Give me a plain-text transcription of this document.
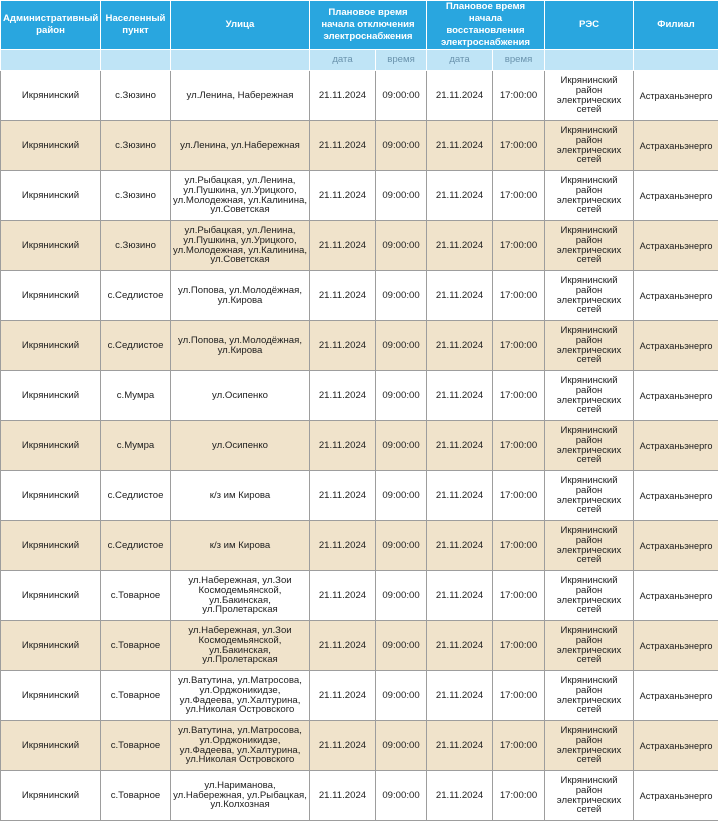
Административный район	Населенный пункт	Улица	Плановое время начала отключения электроснабжения		Плановое время начала восстановления электроснабжения		РЭС	Филиал
			дата	время	дата	время		
Икрянинский	с.Зюзино	ул.Ленина, Набережная	21.11.2024	09:00:00	21.11.2024	17:00:00	Икрянинский район электрических сетей	Астраханьэнерго
Икрянинский	с.Зюзино	ул.Ленина, ул.Набережная	21.11.2024	09:00:00	21.11.2024	17:00:00	Икрянинский район электрических сетей	Астраханьэнерго
Икрянинский	с.Зюзино	ул.Рыбацкая, ул.Ленина, ул.Пушкина, ул.Урицкого, ул.Молодежная, ул.Калинина, ул.Советская	21.11.2024	09:00:00	21.11.2024	17:00:00	Икрянинский район электрических сетей	Астраханьэнерго
Икрянинский	с.Зюзино	ул.Рыбацкая, ул.Ленина, ул.Пушкина, ул.Урицкого, ул.Молодежная, ул.Калинина, ул.Советская	21.11.2024	09:00:00	21.11.2024	17:00:00	Икрянинский район электрических сетей	Астраханьэнерго
Икрянинский	с.Седлистое	ул.Попова, ул.Молодёжная, ул.Кирова	21.11.2024	09:00:00	21.11.2024	17:00:00	Икрянинский район электрических сетей	Астраханьэнерго
Икрянинский	с.Седлистое	ул.Попова, ул.Молодёжная, ул.Кирова	21.11.2024	09:00:00	21.11.2024	17:00:00	Икрянинский район электрических сетей	Астраханьэнерго
Икрянинский	с.Мумра	ул.Осипенко	21.11.2024	09:00:00	21.11.2024	17:00:00	Икрянинский район электрических сетей	Астраханьэнерго
Икрянинский	с.Мумра	ул.Осипенко	21.11.2024	09:00:00	21.11.2024	17:00:00	Икрянинский район электрических сетей	Астраханьэнерго
Икрянинский	с.Седлистое	к/з им Кирова	21.11.2024	09:00:00	21.11.2024	17:00:00	Икрянинский район электрических сетей	Астраханьэнерго
Икрянинский	с.Седлистое	к/з им Кирова	21.11.2024	09:00:00	21.11.2024	17:00:00	Икрянинский район электрических сетей	Астраханьэнерго
Икрянинский	с.Товарное	ул.Набережная, ул.Зои Космодемьянской, ул.Бакинская, ул.Пролетарская	21.11.2024	09:00:00	21.11.2024	17:00:00	Икрянинский район электрических сетей	Астраханьэнерго
Икрянинский	с.Товарное	ул.Набережная, ул.Зои Космодемьянской, ул.Бакинская, ул.Пролетарская	21.11.2024	09:00:00	21.11.2024	17:00:00	Икрянинский район электрических сетей	Астраханьэнерго
Икрянинский	с.Товарное	ул.Ватутина, ул.Матросова, ул.Орджоникидзе, ул.Фадеева, ул.Халтурина, ул.Николая Островского	21.11.2024	09:00:00	21.11.2024	17:00:00	Икрянинский район электрических сетей	Астраханьэнерго
Икрянинский	с.Товарное	ул.Ватутина, ул.Матросова, ул.Орджоникидзе, ул.Фадеева, ул.Халтурина, ул.Николая Островского	21.11.2024	09:00:00	21.11.2024	17:00:00	Икрянинский район электрических сетей	Астраханьэнерго
Икрянинский	с.Товарное	ул.Нариманова, ул.Набережная, ул.Рыбацкая, ул.Колхозная	21.11.2024	09:00:00	21.11.2024	17:00:00	Икрянинский район электрических сетей	Астраханьэнерго
